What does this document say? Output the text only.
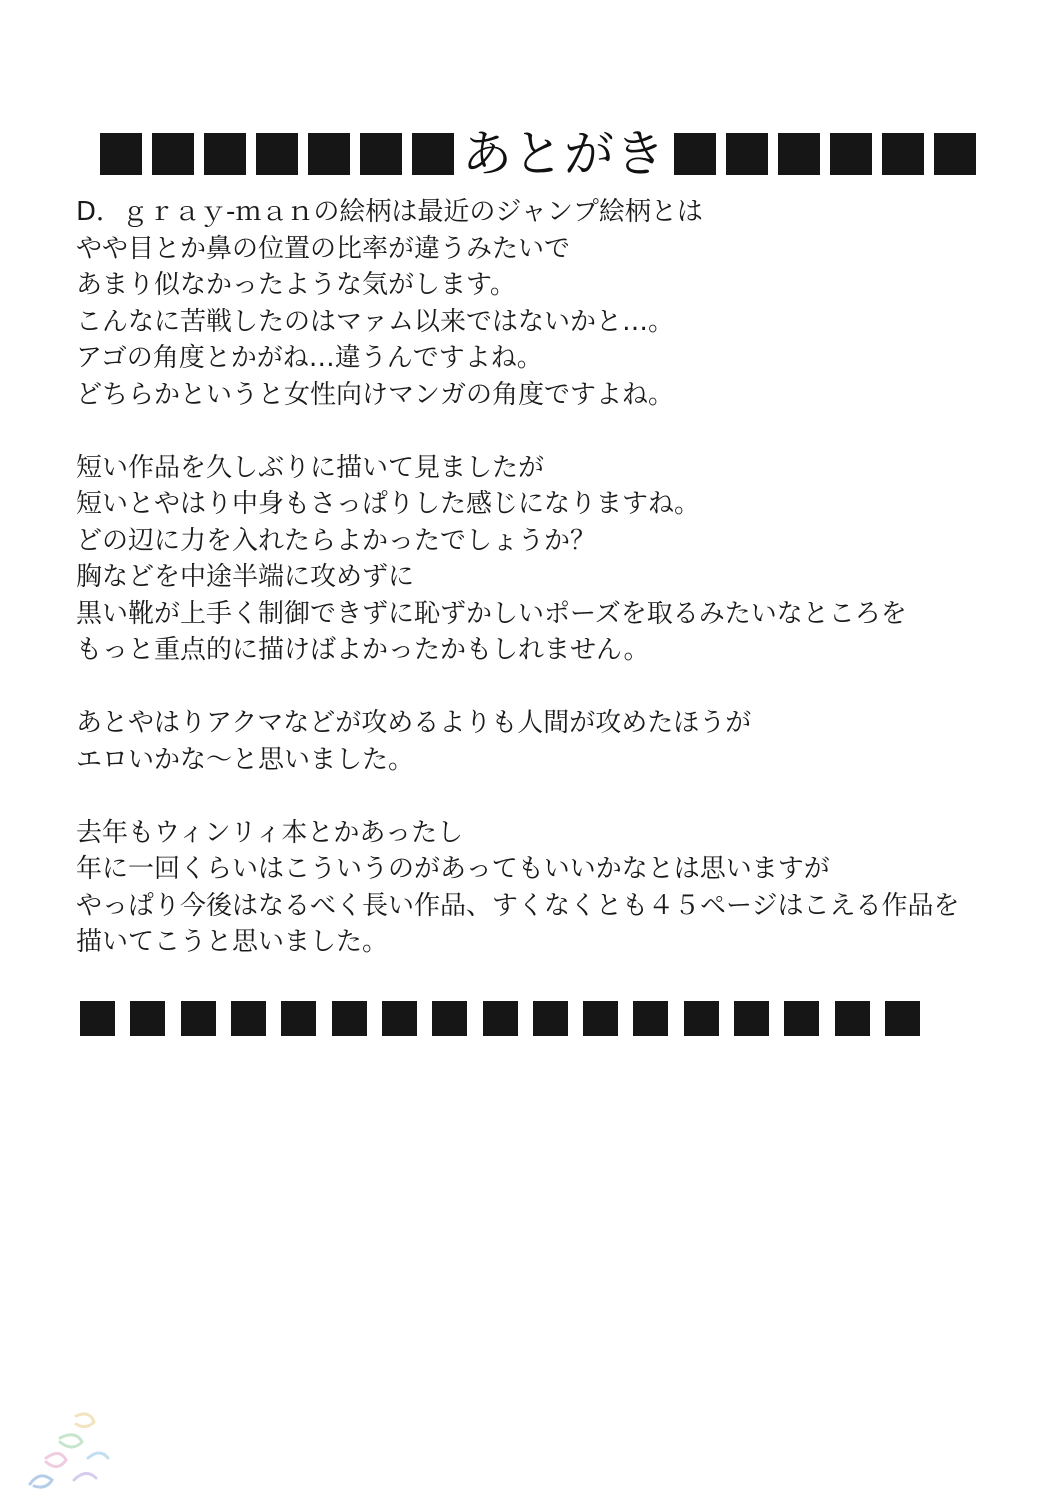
あとがき

D．ｇｒａｙ-ｍａｎの絵柄は最近のジャンプ絵柄とは
やや目とか鼻の位置の比率が違うみたいで
あまり似なかったような気がします。
こんなに苦戦したのはマァム以来ではないかと…。
アゴの角度とかがね…違うんですよね。
どちらかというと女性向けマンガの角度ですよね。

短い作品を久しぶりに描いて見ましたが
短いとやはり中身もさっぱりした感じになりますね。
どの辺に力を入れたらよかったでしょうか？
胸などを中途半端に攻めずに
黒い靴が上手く制御できずに恥ずかしいポーズを取るみたいなところを
もっと重点的に描けばよかったかもしれません。

あとやはりアクマなどが攻めるよりも人間が攻めたほうが
エロいかな～と思いました。

去年もウィンリィ本とかあったし
年に一回くらいはこういうのがあってもいいかなとは思いますが
やっぱり今後はなるべく長い作品、すくなくとも４５ページはこえる作品を
描いてこうと思いました。
